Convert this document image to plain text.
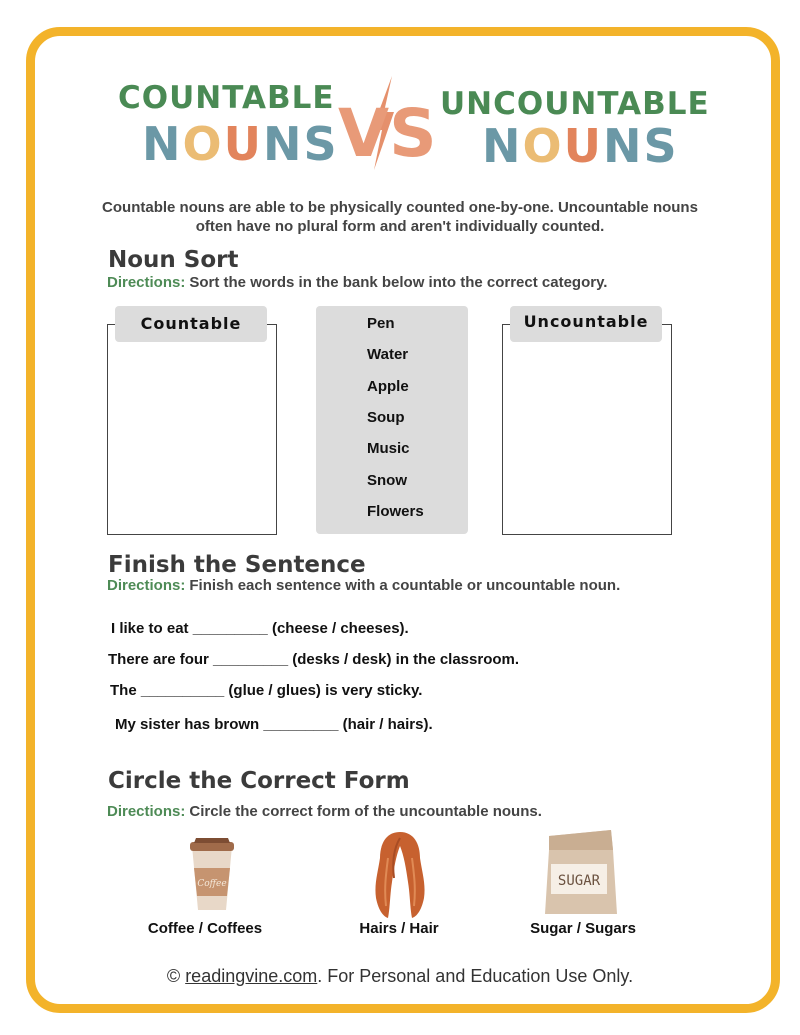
COUNTABLE
NOUNS VS UNCOUNTABLE
NOUNS
Countable nouns are able to be physically counted one-by-one. Uncountable nouns often have no plural form and aren't individually counted.
Noun Sort
Directions: Sort the words in the bank below into the correct category.
Countable	Pen
Water
Apple
Soup
Music
Snow
Flowers
Uncountable
Finish the Sentence
Directions: Finish each sentence with a countable or uncountable noun.
I like to eat _________ (cheese / cheeses).
There are four _________ (desks / desk) in the classroom.
The __________ (glue / glues) is very sticky.
My sister has brown _________ (hair / hairs).
Circle the Correct Form
Directions: Circle the correct form of the uncountable nouns.
Coffee	SUGAR
Coffee / Coffees	Hairs / Hair	Sugar / Sugars
© readingvine.com. For Personal and Education Use Only.
